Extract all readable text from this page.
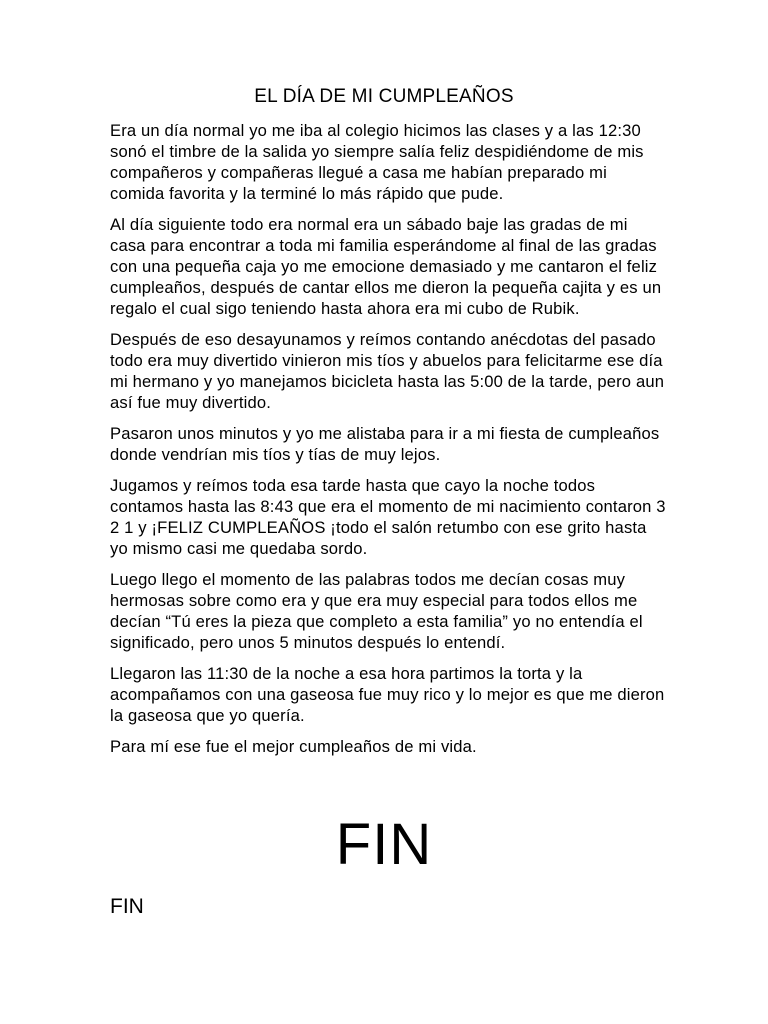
EL DÍA DE MI CUMPLEAÑOS

Era un día normal yo me iba al colegio hicimos las clases y a las 12:30 sonó el timbre de la salida yo siempre salía feliz despidiéndome de mis compañeros y compañeras llegué a casa me habían preparado mi comida favorita y la terminé lo más rápido que pude.

Al día siguiente todo era normal era un sábado baje las gradas de mi casa para encontrar a toda mi familia esperándome al final de las gradas con una pequeña caja yo me emocione demasiado y me cantaron el feliz cumpleaños, después de cantar ellos me dieron la pequeña cajita y es un regalo el cual sigo teniendo hasta ahora era mi cubo de Rubik.

Después de eso desayunamos y reímos contando anécdotas del pasado todo era muy divertido vinieron mis tíos y abuelos para felicitarme ese día mi hermano y yo manejamos bicicleta hasta las 5:00 de la tarde, pero aun así fue muy divertido.

Pasaron unos minutos y yo me alistaba para ir a mi fiesta de cumpleaños donde vendrían mis tíos y tías de muy lejos.

Jugamos y reímos toda esa tarde hasta que cayo la noche todos contamos hasta las 8:43 que era el momento de mi nacimiento contaron 3 2 1 y ¡FELIZ CUMPLEAÑOS ¡todo el salón retumbo con ese grito hasta yo mismo casi me quedaba sordo.

Luego llego el momento de las palabras todos me decían cosas muy hermosas sobre como era y que era muy especial para todos ellos me decían “Tú eres la pieza que completo a esta familia” yo no entendía el significado, pero unos 5 minutos después lo entendí.

Llegaron las 11:30 de la noche a esa hora partimos la torta y la acompañamos con una gaseosa fue muy rico y lo mejor es que me dieron la gaseosa que yo quería.

Para mí ese fue el mejor cumpleaños de mi vida.

FIN
FIN
